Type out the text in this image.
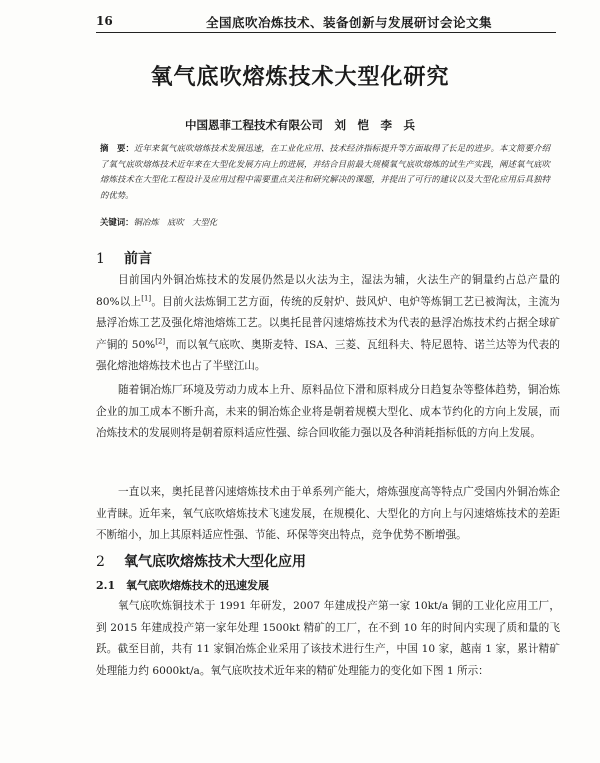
16	全国底吹冶炼技术、装备创新与发展研讨会论文集
氧气底吹熔炼技术大型化研究
中国恩菲工程技术有限公司　刘　恺　李　兵
摘　要：近年来氧气底吹熔炼技术发展迅速，在工业化应用、技术经济指标提升等方面取得了长足的进步。本文简要介绍了氧气底吹熔炼技术近年来在大型化发展方向上的进展，并结合目前最大规模氧气底吹熔炼的试生产实践，阐述氧气底吹熔炼技术在大型化工程设计及应用过程中需要重点关注和研究解决的课题，并提出了可行的建议以及大型化应用后具独特的优势。
关键词：铜冶炼　底吹　大型化
1 前言
目前国内外铜冶炼技术的发展仍然是以火法为主，湿法为辅，火法生产的铜量约占总产量的 80%以上[1]。目前火法炼铜工艺方面，传统的反射炉、鼓风炉、电炉等炼铜工艺已被淘汰，主流为悬浮冶炼工艺及强化熔池熔炼工艺。以奥托昆普闪速熔炼技术为代表的悬浮冶炼技术约占据全球矿产铜的 50%[2]，而以氧气底吹、奥斯麦特、ISA、三菱、瓦纽科夫、特尼恩特、诺兰达等为代表的强化熔池熔炼技术也占了半壁江山。
随着铜冶炼厂环境及劳动力成本上升、原料品位下滑和原料成分日趋复杂等整体趋势，铜冶炼企业的加工成本不断升高，未来的铜冶炼企业将是朝着规模大型化、成本节约化的方向上发展，而冶炼技术的发展则将是朝着原料适应性强、综合回收能力强以及各种消耗指标低的方向上发展。
一直以来，奥托昆普闪速熔炼技术由于单系列产能大，熔炼强度高等特点广受国内外铜冶炼企业青睐。近年来，氧气底吹熔炼技术飞速发展，在规模化、大型化的方向上与闪速熔炼技术的差距不断缩小，加上其原料适应性强、节能、环保等突出特点，竞争优势不断增强。
2 氧气底吹熔炼技术大型化应用
2.1 氧气底吹熔炼技术的迅速发展
氧气底吹炼铜技术于 1991 年研发，2007 年建成投产第一家 10kt/a 铜的工业化应用工厂，到 2015 年建成投产第一家年处理 1500kt 精矿的工厂，在不到 10 年的时间内实现了质和量的飞跃。截至目前，共有 11 家铜冶炼企业采用了该技术进行生产，中国 10 家，越南 1 家，累计精矿处理能力约 6000kt/a。氧气底吹技术近年来的精矿处理能力的变化如下图 1 所示：
